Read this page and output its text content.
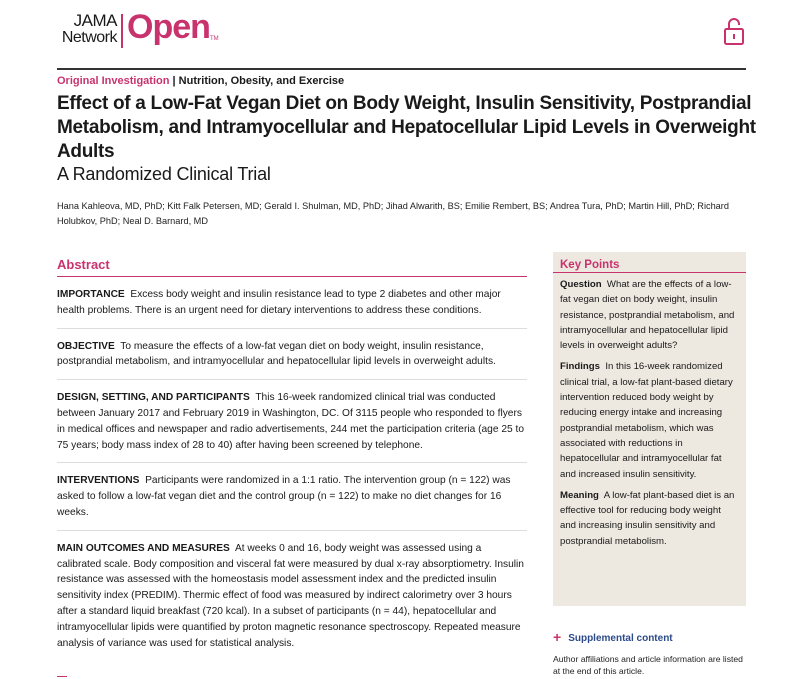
JAMA
Network Open TM
Original Investigation | Nutrition, Obesity, and Exercise
Effect of a Low-Fat Vegan Diet on Body Weight, Insulin Sensitivity, Postprandial Metabolism, and Intramyocellular and Hepatocellular Lipid Levels in Overweight Adults
A Randomized Clinical Trial
Hana Kahleova, MD, PhD; Kitt Falk Petersen, MD; Gerald I. Shulman, MD, PhD; Jihad Alwarith, BS; Emilie Rembert, BS; Andrea Tura, PhD; Martin Hill, PhD; Richard Holubkov, PhD; Neal D. Barnard, MD
Abstract

IMPORTANCE Excess body weight and insulin resistance lead to type 2 diabetes and other major health problems. There is an urgent need for dietary interventions to address these conditions.

OBJECTIVE To measure the effects of a low-fat vegan diet on body weight, insulin resistance, postprandial metabolism, and intramyocellular and hepatocellular lipid levels in overweight adults.

DESIGN, SETTING, AND PARTICIPANTS This 16-week randomized clinical trial was conducted between January 2017 and February 2019 in Washington, DC. Of 3115 people who responded to flyers in medical offices and newspaper and radio advertisements, 244 met the participation criteria (age 25 to 75 years; body mass index of 28 to 40) after having been screened by telephone.

INTERVENTIONS Participants were randomized in a 1:1 ratio. The intervention group (n = 122) was asked to follow a low-fat vegan diet and the control group (n = 122) to make no diet changes for 16 weeks.

MAIN OUTCOMES AND MEASURES At weeks 0 and 16, body weight was assessed using a calibrated scale. Body composition and visceral fat were measured by dual x-ray absorptiometry. Insulin resistance was assessed with the homeostasis model assessment index and the predicted insulin sensitivity index (PREDIM). Thermic effect of food was measured by indirect calorimetry over 3 hours after a standard liquid breakfast (720 kcal). In a subset of participants (n = 44), hepatocellular and intramyocellular lipids were quantified by proton magnetic resonance spectroscopy. Repeated measure analysis of variance was used for statistical analysis.

Key Points

Question What are the effects of a low-fat vegan diet on body weight, insulin resistance, postprandial metabolism, and intramyocellular and hepatocellular lipid levels in overweight adults?

Findings In this 16-week randomized clinical trial, a low-fat plant-based dietary intervention reduced body weight by reducing energy intake and increasing postprandial metabolism, which was associated with reductions in hepatocellular and intramyocellular fat and increased insulin sensitivity.

Meaning A low-fat plant-based diet is an effective tool for reducing body weight and increasing insulin sensitivity and postprandial metabolism.

+ Supplemental content
Author affiliations and article information are listed at the end of this article.
